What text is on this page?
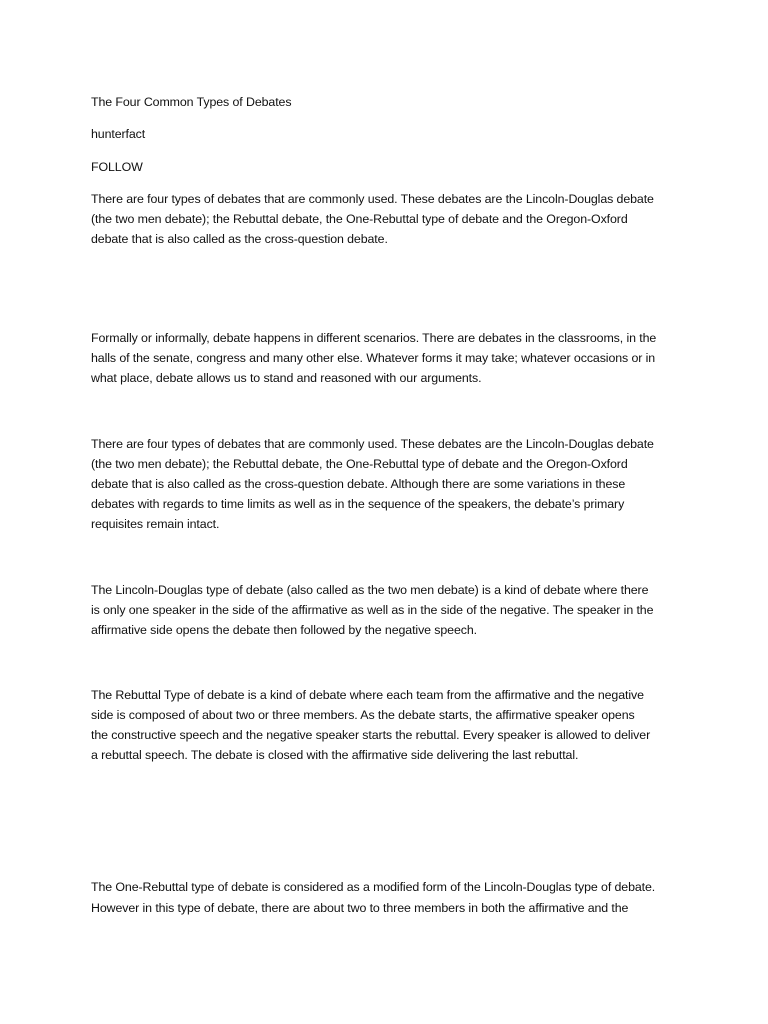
The Four Common Types of Debates

hunterfact

FOLLOW

There are four types of debates that are commonly used. These debates are the Lincoln-Douglas debate

(the two men debate); the Rebuttal debate, the One-Rebuttal type of debate and the Oregon-Oxford

debate that is also called as the cross-question debate.

Formally or informally, debate happens in different scenarios. There are debates in the classrooms, in the

halls of the senate, congress and many other else. Whatever forms it may take; whatever occasions or in

what place, debate allows us to stand and reasoned with our arguments.

There are four types of debates that are commonly used. These debates are the Lincoln-Douglas debate

(the two men debate); the Rebuttal debate, the One-Rebuttal type of debate and the Oregon-Oxford

debate that is also called as the cross-question debate. Although there are some variations in these

debates with regards to time limits as well as in the sequence of the speakers, the debate’s primary

requisites remain intact.

The Lincoln-Douglas type of debate (also called as the two men debate) is a kind of debate where there

is only one speaker in the side of the affirmative as well as in the side of the negative. The speaker in the

affirmative side opens the debate then followed by the negative speech.

The Rebuttal Type of debate is a kind of debate where each team from the affirmative and the negative

side is composed of about two or three members. As the debate starts, the affirmative speaker opens

the constructive speech and the negative speaker starts the rebuttal. Every speaker is allowed to deliver

a rebuttal speech. The debate is closed with the affirmative side delivering the last rebuttal.

The One-Rebuttal type of debate is considered as a modified form of the Lincoln-Douglas type of debate.

However in this type of debate, there are about two to three members in both the affirmative and the
